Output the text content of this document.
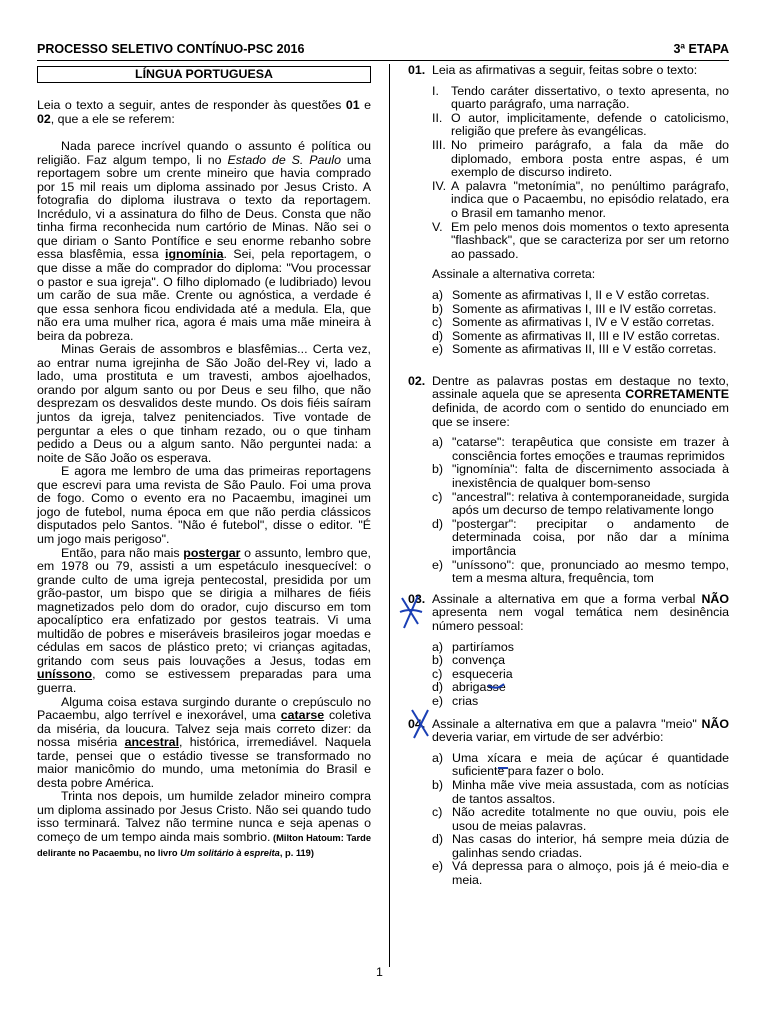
PROCESSO SELETIVO CONTÍNUO-PSC 2016	3ª ETAPA
LÍNGUA PORTUGUESA

Leia o texto a seguir, antes de responder às questões 01 e 02, que a ele se referem:

Nada parece incrível quando o assunto é política ou religião. Faz algum tempo, li no Estado de S. Paulo uma reportagem sobre um crente mineiro que havia comprado por 15 mil reais um diploma assinado por Jesus Cristo. A fotografia do diploma ilustrava o texto da reportagem. Incrédulo, vi a assinatura do filho de Deus. Consta que não tinha firma reconhecida num cartório de Minas. Não sei o que diriam o Santo Pontífice e seu enorme rebanho sobre essa blasfêmia, essa ignomínia. Sei, pela reportagem, o que disse a mãe do comprador do diploma: "Vou processar o pastor e sua igreja". O filho diplomado (e ludibriado) levou um carão de sua mãe. Crente ou agnóstica, a verdade é que essa senhora ficou endividada até a medula. Ela, que não era uma mulher rica, agora é mais uma mãe mineira à beira da pobreza.

Minas Gerais de assombros e blasfêmias... Certa vez, ao entrar numa igrejinha de São João del-Rey vi, lado a lado, uma prostituta e um travesti, ambos ajoelhados, orando por algum santo ou por Deus e seu filho, que não desprezam os desvalidos deste mundo. Os dois fiéis saíram juntos da igreja, talvez penitenciados. Tive vontade de perguntar a eles o que tinham rezado, ou o que tinham pedido a Deus ou a algum santo. Não perguntei nada: a noite de São João os esperava.

E agora me lembro de uma das primeiras reportagens que escrevi para uma revista de São Paulo. Foi uma prova de fogo. Como o evento era no Pacaembu, imaginei um jogo de futebol, numa época em que não perdia clássicos disputados pelo Santos. "Não é futebol", disse o editor. "É um jogo mais perigoso".

Então, para não mais postergar o assunto, lembro que, em 1978 ou 79, assisti a um espetáculo inesquecível: o grande culto de uma igreja pentecostal, presidida por um grão-pastor, um bispo que se dirigia a milhares de fiéis magnetizados pelo dom do orador, cujo discurso em tom apocalíptico era enfatizado por gestos teatrais. Vi uma multidão de pobres e miseráveis brasileiros jogar moedas e cédulas em sacos de plástico preto; vi crianças agitadas, gritando com seus pais louvações a Jesus, todas em uníssono, como se estivessem preparadas para uma guerra.

Alguma coisa estava surgindo durante o crepúsculo no Pacaembu, algo terrível e inexorável, uma catarse coletiva da miséria, da loucura. Talvez seja mais correto dizer: da nossa miséria ancestral, histórica, irremediável. Naquela tarde, pensei que o estádio tivesse se transformado no maior manicômio do mundo, uma metonímia do Brasil e desta pobre América.

Trinta nos depois, um humilde zelador mineiro compra um diploma assinado por Jesus Cristo. Não sei quando tudo isso terminará. Talvez não termine nunca e seja apenas o começo de um tempo ainda mais sombrio. (Milton Hatoum: Tarde delirante no Pacaembu, no livro Um solitário à espreita, p. 119)

01. Leia as afirmativas a seguir, feitas sobre o texto:
I. Tendo caráter dissertativo, o texto apresenta, no quarto parágrafo, uma narração.
II. O autor, implicitamente, defende o catolicismo, religião que prefere às evangélicas.
III. No primeiro parágrafo, a fala da mãe do diplomado, embora posta entre aspas, é um exemplo de discurso indireto.
IV. A palavra "metonímia", no penúltimo parágrafo, indica que o Pacaembu, no episódio relatado, era o Brasil em tamanho menor.
V. Em pelo menos dois momentos o texto apresenta "flashback", que se caracteriza por ser um retorno ao passado.
Assinale a alternativa correta:
a) Somente as afirmativas I, II e V estão corretas.
b) Somente as afirmativas I, III e IV estão corretas.
c) Somente as afirmativas I, IV e V estão corretas.
d) Somente as afirmativas II, III e IV estão corretas.
e) Somente as afirmativas II, III e V estão corretas.
02. Dentre as palavras postas em destaque no texto, assinale aquela que se apresenta CORRETAMENTE definida, de acordo com o sentido do enunciado em que se insere:
a) "catarse": terapêutica que consiste em trazer à consciência fortes emoções e traumas reprimidos
b) "ignomínia": falta de discernimento associada à inexistência de qualquer bom-senso
c) "ancestral": relativa à contemporaneidade, surgida após um decurso de tempo relativamente longo
d) "postergar": precipitar o andamento de determinada coisa, por não dar a mínima importância
e) "uníssono": que, pronunciado ao mesmo tempo, tem a mesma altura, frequência, tom
03. Assinale a alternativa em que a forma verbal NÃO apresenta nem vogal temática nem desinência número pessoal:
a) partiríamos
b) convença
c) esqueceria
d) abrigasse
e) crias
04. Assinale a alternativa em que a palavra "meio" NÃO deveria variar, em virtude de ser advérbio:
a) Uma xícara e meia de açúcar é quantidade suficiente para fazer o bolo.
b) Minha mãe vive meia assustada, com as notícias de tantos assaltos.
c) Não acredite totalmente no que ouviu, pois ele usou de meias palavras.
d) Nas casas do interior, há sempre meia dúzia de galinhas sendo criadas.
e) Vá depressa para o almoço, pois já é meio-dia e meia.
1
